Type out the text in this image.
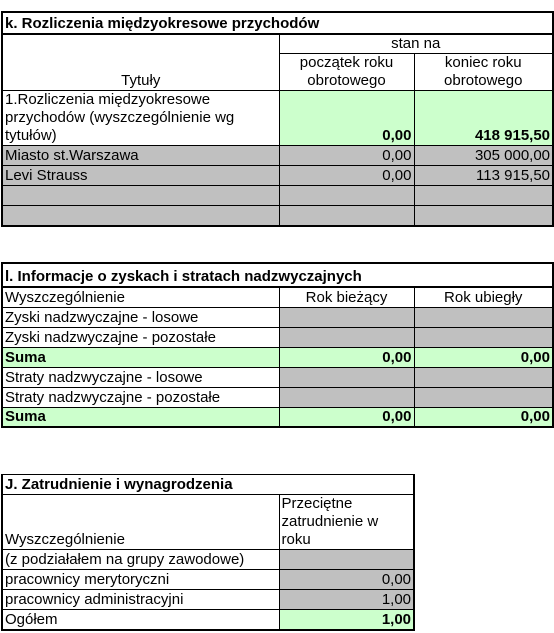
k. Rozliczenia międzyokresowe przychodów		
Tytuły	stan na	
	początek roku obrotowego	koniec roku obrotowego
1.Rozliczenia międzyokresowe przychodów (wyszczególnienie wg tytułów)	0,00	418 915,50
Miasto st.Warszawa	0,00	305 000,00
Levi Strauss	0,00	113 915,50

l. Informacje o zyskach i stratach nadzwyczajnych		
Wyszczególnienie	Rok bieżący	Rok ubiegły
Zyski nadzwyczajne - losowe		
Zyski nadzwyczajne - pozostałe		
Suma	0,00	0,00
Straty nadzwyczajne - losowe		
Straty nadzwyczajne - pozostałe		
Suma	0,00	0,00
J. Zatrudnienie i wynagrodzenia	
Wyszczególnienie	Przeciętne zatrudnienie w roku
(z podziałałem na grupy zawodowe)	
pracownicy merytoryczni	0,00
pracownicy administracyjni	1,00
Ogółem	1,00
